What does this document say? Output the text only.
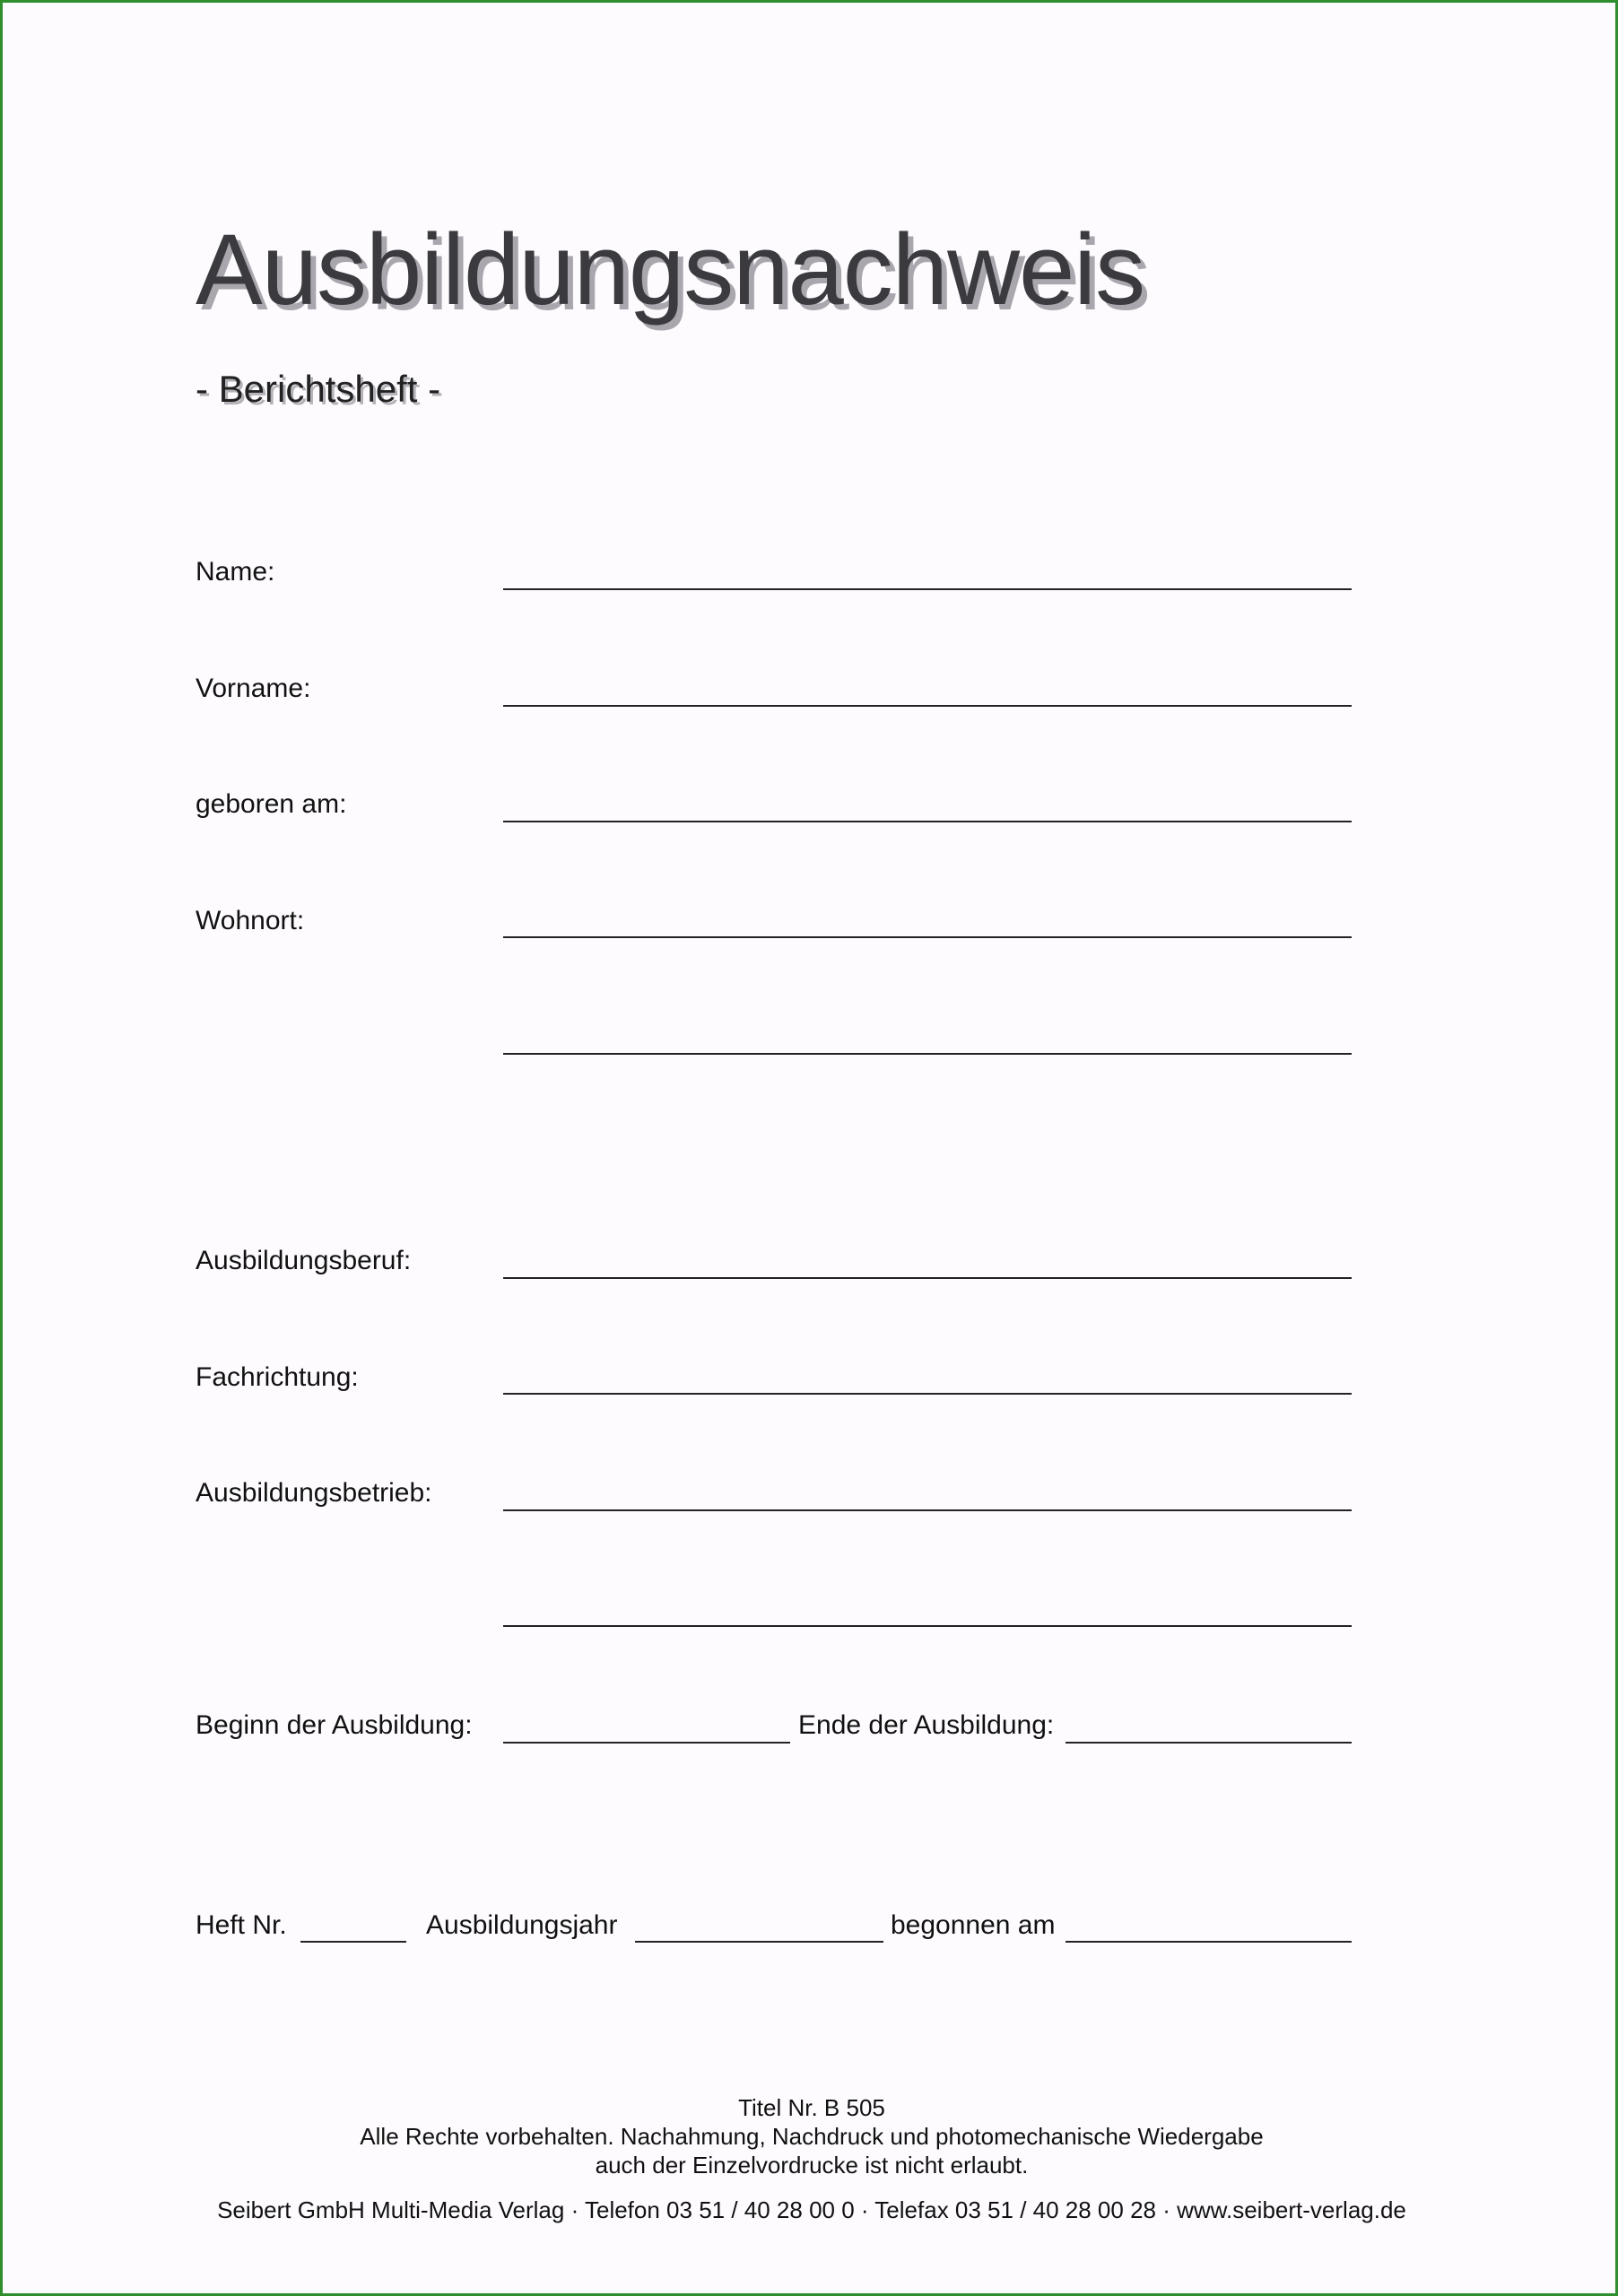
Ausbildungsnachweis
- Berichtsheft -
Name:
Vorname:
geboren am:
Wohnort:
Ausbildungsberuf:
Fachrichtung:
Ausbildungsbetrieb:
Beginn der Ausbildung:	Ende der Ausbildung:
Heft Nr.	Ausbildungsjahr	begonnen am
Titel Nr. B 505
Alle Rechte vorbehalten. Nachahmung, Nachdruck und photomechanische Wiedergabe
auch der Einzelvordrucke ist nicht erlaubt.
Seibert GmbH Multi-Media Verlag · Telefon 03 51 / 40 28 00 0 · Telefax 03 51 / 40 28 00 28 · www.seibert-verlag.de
